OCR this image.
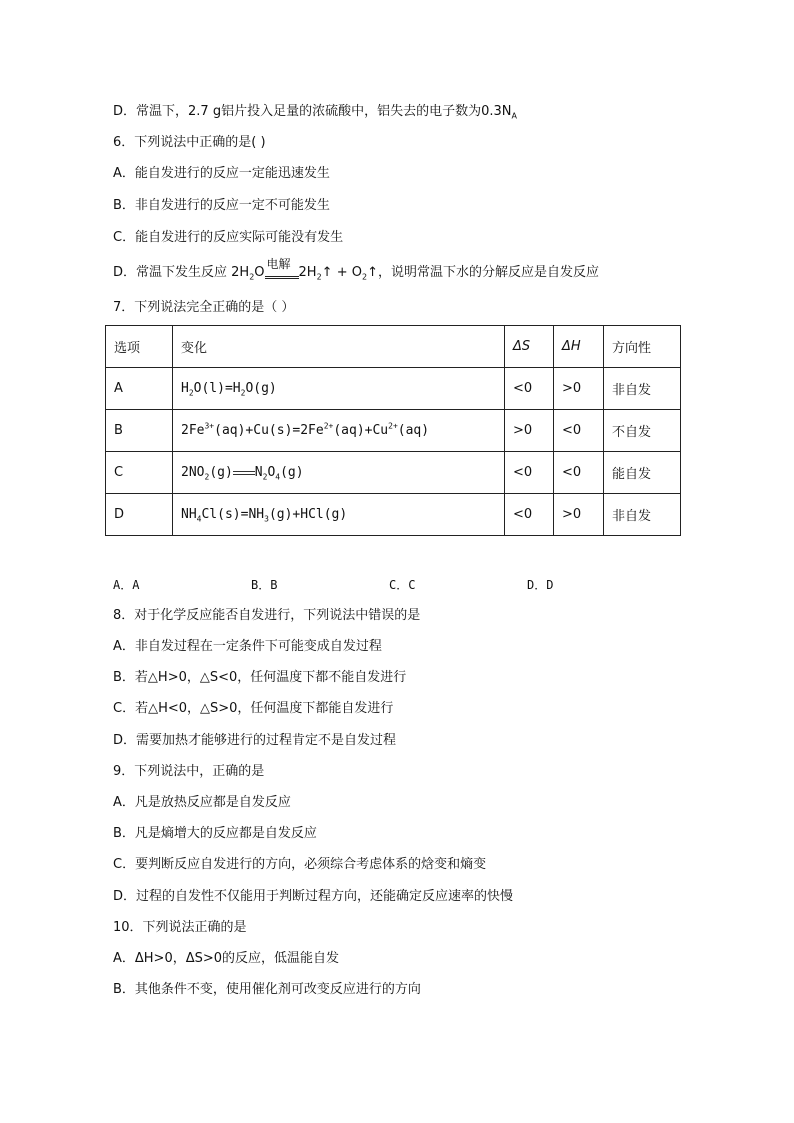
D．常温下，2.7 g铝片投入足量的浓硫酸中，铝失去的电子数为$0.3N_A$
6．下列说法中正确的是( )
A．能自发进行的反应一定能迅速发生
B．非自发进行的反应一定不可能发生
C．能自发进行的反应实际可能没有发生
D．常温下发生反应 $2H_2O$
电解
$2H_2↑$ + $O_2↑$，说明常温下水的分解反应是自发反应
7．下列说法完全正确的是（ ）
选项	变化	ΔS	ΔH	方向性
A	$H_2O(l)=H_2O(g)$	<0	>0	非自发
B	$2Fe^{3+}(aq)+Cu(s)=2Fe^{2+}(aq)+Cu^{2+}(aq)$	>0	<0	不自发
C	$2NO_2(g)$ $N_2O_4(g)$	<0	<0	能自发
D	$NH_4Cl(s)=NH_3(g)+HCl(g)$	<0	>0	非自发
A．A	B．B	C．C	D．D
8．对于化学反应能否自发进行，下列说法中错误的是
A．非自发过程在一定条件下可能变成自发过程
B．若△H>0，△S<0，任何温度下都不能自发进行
C．若△H<0，△S>0，任何温度下都能自发进行
D．需要加热才能够进行的过程肯定不是自发过程
9．下列说法中，正确的是
A．凡是放热反应都是自发反应
B．凡是熵增大的反应都是自发反应
C．要判断反应自发进行的方向，必须综合考虑体系的焓变和熵变
D．过程的自发性不仅能用于判断过程方向，还能确定反应速率的快慢
10．下列说法正确的是
A．ΔH>0，ΔS>0的反应，低温能自发
B．其他条件不变，使用催化剂可改变反应进行的方向
